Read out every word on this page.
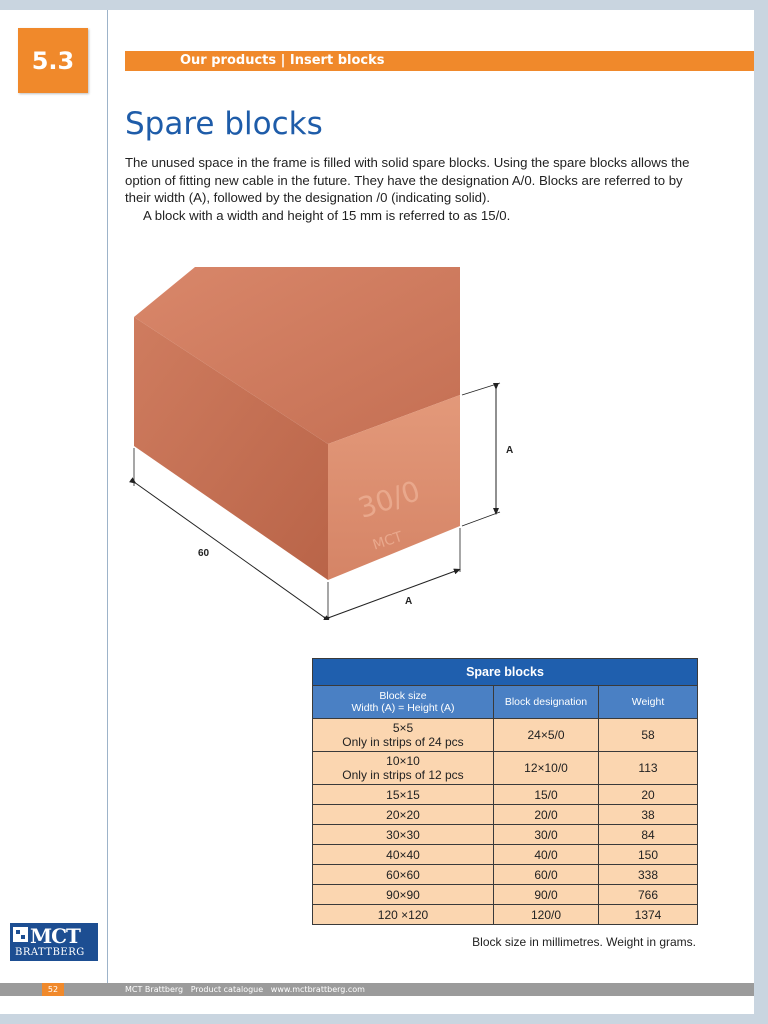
5.3	Our products | Insert blocks
Spare blocks

The unused space in the frame is filled with solid spare blocks. Using the spare blocks allows the option of fitting new cable in the future. They have the designation A/0. Blocks are referred to by their width (A), followed by the designation /0 (indicating solid).

A block with a width and height of 15 mm is referred to as 15/0.

30/0
MCT
60
A
A
Spare blocks		
Block size
Width (A) = Height (A)	Block designation	Weight

5×5
Only in strips of 24 pcs	24×5/0	58

10×10
Only in strips of 12 pcs	12×10/0	113

15×15	15/0	20

20×20	20/0	38

30×30	30/0	84

40×40	40/0	150

60×60	60/0	338

90×90	90/0	766

120 ×120	120/0	1374
Block size in millimetres. Weight in grams.
MCT
BRATTBERG
52	MCT Brattberg   Product catalogue   www.mctbrattberg.com
